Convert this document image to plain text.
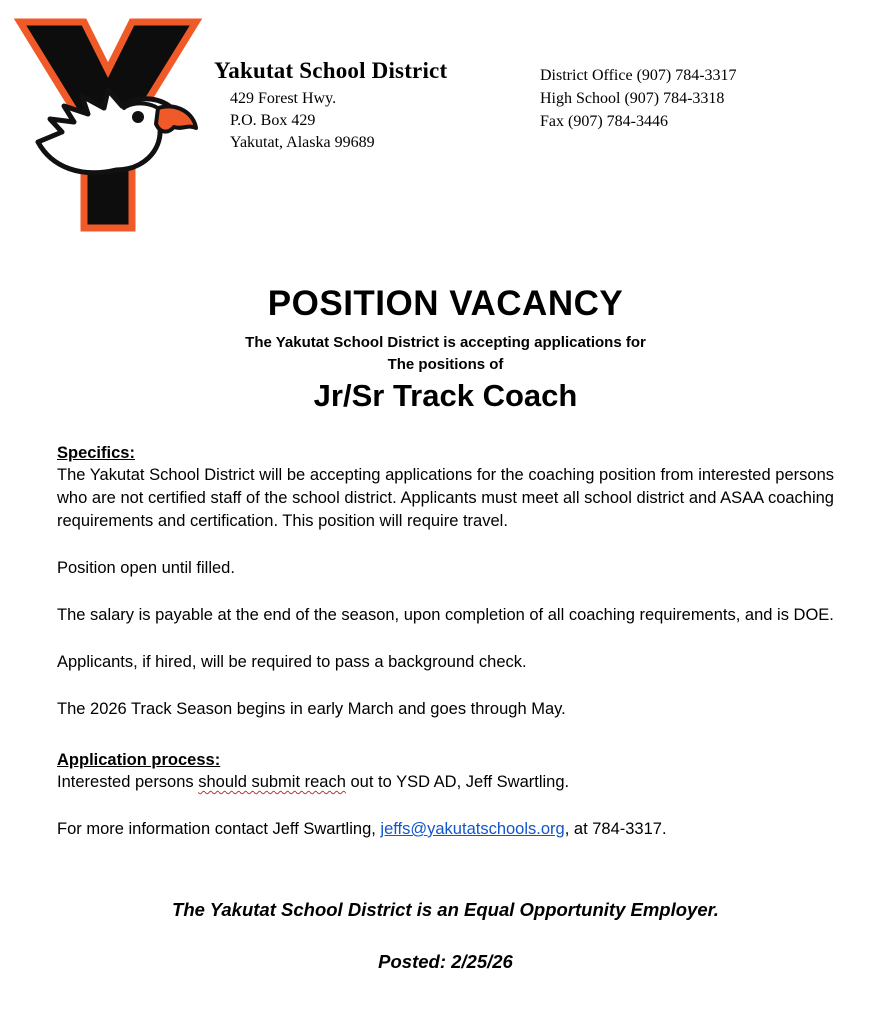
Yakutat School District
429 Forest Hwy.
P.O. Box 429
Yakutat, Alaska 99689
District Office (907) 784-3317
High School (907) 784-3318
Fax (907) 784-3446
POSITION VACANCY
The Yakutat School District is accepting applications for
The positions of
Jr/Sr Track Coach
Specifics:

The Yakutat School District will be accepting applications for the coaching position from interested persons who are not certified staff of the school district. Applicants must meet all school district and ASAA coaching requirements and certification. This position will require travel.

Position open until filled.

The salary is payable at the end of the season, upon completion of all coaching requirements, and is DOE.

Applicants, if hired, will be required to pass a background check.

The 2026 Track Season begins in early March and goes through May.

Application process:

Interested persons should submit reach out to YSD AD, Jeff Swartling.

For more information contact Jeff Swartling, jeffs@yakutatschools.org, at 784-3317.

The Yakutat School District is an Equal Opportunity Employer.
Posted: 2/25/26
